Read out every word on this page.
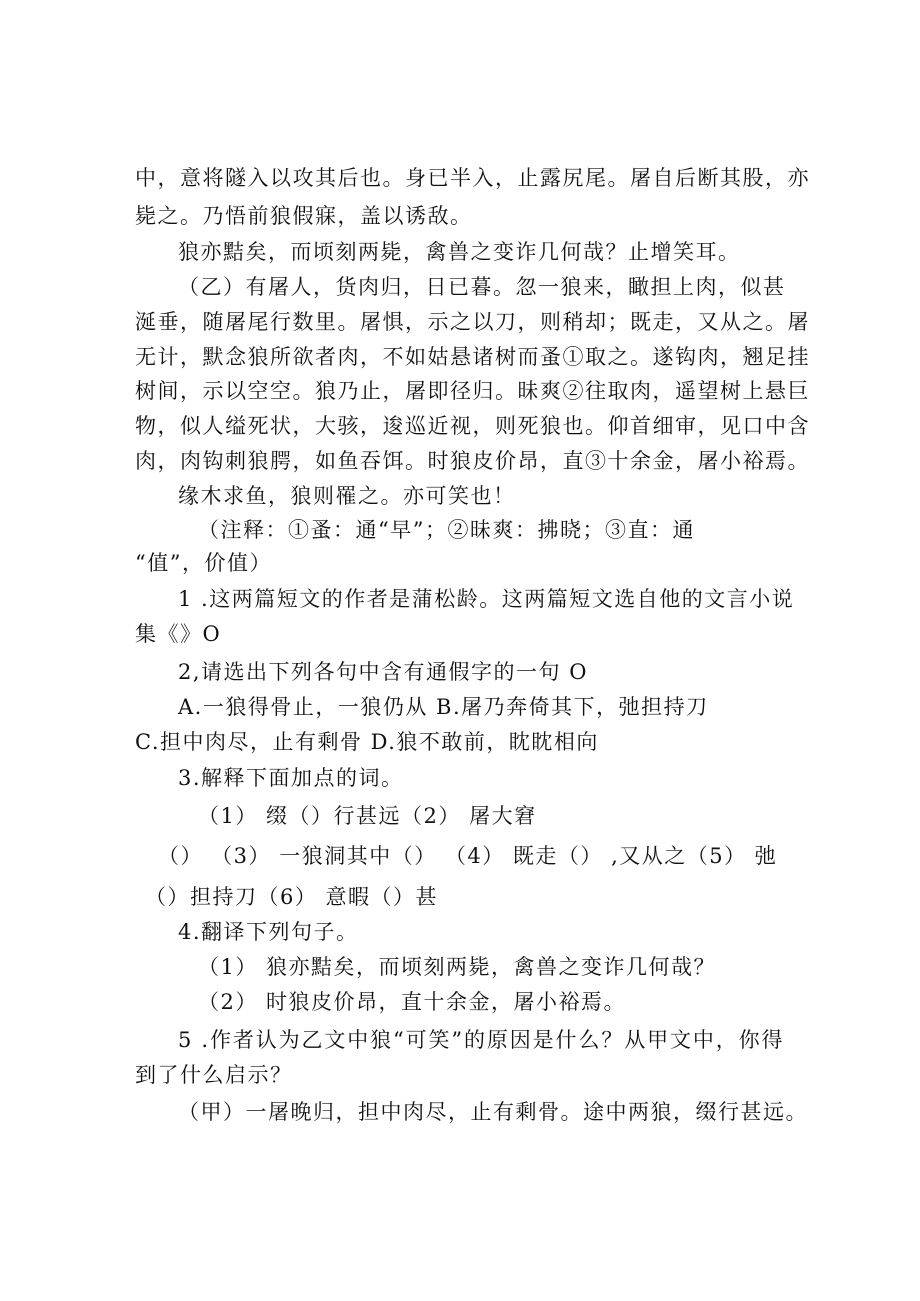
中，意将隧入以攻其后也。身已半入，止露尻尾。屠自后断其股，亦
毙之。乃悟前狼假寐，盖以诱敌。
狼亦黠矣，而顷刻两毙，禽兽之变诈几何哉？止增笑耳。
（乙）有屠人，货肉归，日已暮。忽一狼来，瞰担上肉，似甚
涎垂，随屠尾行数里。屠惧，示之以刀，则稍却；既走，又从之。屠
无计，默念狼所欲者肉，不如姑悬诸树而蚤①取之。遂钩肉，翘足挂
树间，示以空空。狼乃止，屠即径归。昧爽②往取肉，遥望树上悬巨
物，似人缢死状，大骇，逡巡近视，则死狼也。仰首细审，见口中含
肉，肉钩刺狼腭，如鱼吞饵。时狼皮价昂，直③十余金，屠小裕焉。
缘木求鱼，狼则罹之。亦可笑也！
（注释：①蚤：通“早”；②昧爽：拂晓；③直：通
“值”，价值）
1 .这两篇短文的作者是蒲松龄。这两篇短文选自他的文言小说
集《》O
2,请选出下列各句中含有通假字的一句 O
A.一狼得骨止，一狼仍从 B.屠乃奔倚其下，弛担持刀
C.担中肉尽，止有剩骨 D.狼不敢前，眈眈相向
3.解释下面加点的词。
（1） 缀（）行甚远（2） 屠大窘
（） （3） 一狼洞其中（） （4） 既走（） ,又从之（5） 弛
（）担持刀（6） 意暇（）甚
4.翻译下列句子。
（1） 狼亦黠矣，而顷刻两毙，禽兽之变诈几何哉？
（2） 时狼皮价昂，直十余金，屠小裕焉。
5 .作者认为乙文中狼“可笑”的原因是什么？从甲文中，你得
到了什么启示？
（甲）一屠晚归，担中肉尽，止有剩骨。途中两狼，缀行甚远。
